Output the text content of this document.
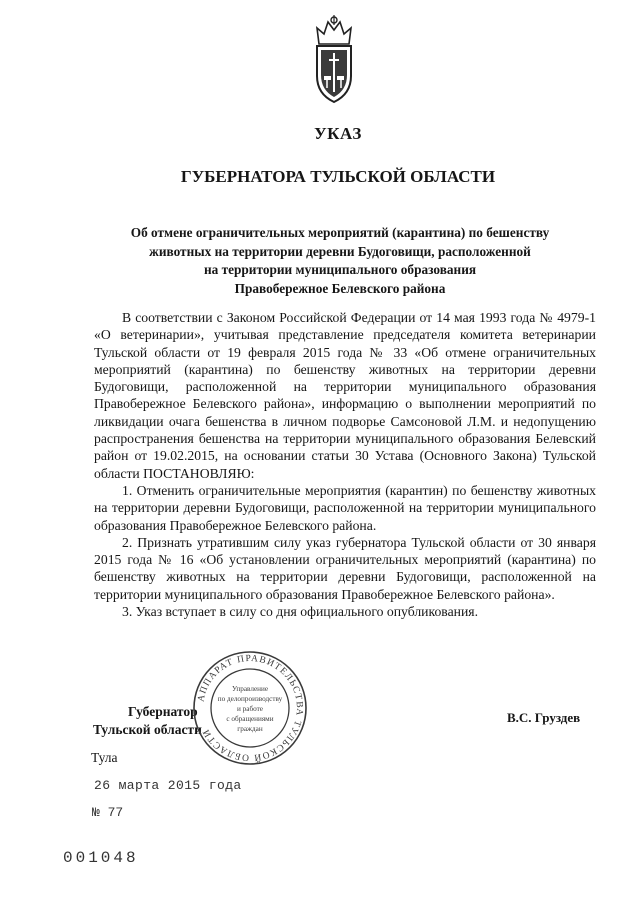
УКАЗ
ГУБЕРНАТОРА ТУЛЬСКОЙ ОБЛАСТИ
Об отмене ограничительных мероприятий (карантина) по бешенству
животных на территории деревни Будоговищи, расположенной
на территории муниципального образования
Правобережное Белевского района

В соответствии с Законом Российской Федерации от 14 мая 1993 года № 4979-1 «О ветеринарии», учитывая представление председателя комитета ветеринарии Тульской области от 19 февраля 2015 года № 33 «Об отмене ограничительных мероприятий (карантина) по бешенству животных на территории деревни Будоговищи, расположенной на территории муниципального образования Правобережное Белевского района», информацию о выполнении мероприятий по ликвидации очага бешенства в личном подворье Самсоновой Л.М. и недопущению распространения бешенства на территории муниципального образования Белевский район от 19.02.2015, на основании статьи 30 Устава (Основного Закона) Тульской области ПОСТАНОВЛЯЮ:

1. Отменить ограничительные мероприятия (карантин) по бешенству животных на территории деревни Будоговищи, расположенной на территории муниципального образования Правобережное Белевского района.

2. Признать утратившим силу указ губернатора Тульской области от 30 января 2015 года № 16 «Об установлении ограничительных мероприятий (карантина) по бешенству животных на территории деревни Будоговищи, расположенной на территории муниципального образования Правобережное Белевского района».

3. Указ вступает в силу со дня официального опубликования.

Губернатор
Тульской области
В.С. Груздев
АППАРАТ ПРАВИТЕЛЬСТВА ТУЛЬСКОЙ ОБЛАСТИ
Управление
по делопроизводству
и работе
с обращениями
граждан
Тула
26 марта 2015 года
№ 77
001048
